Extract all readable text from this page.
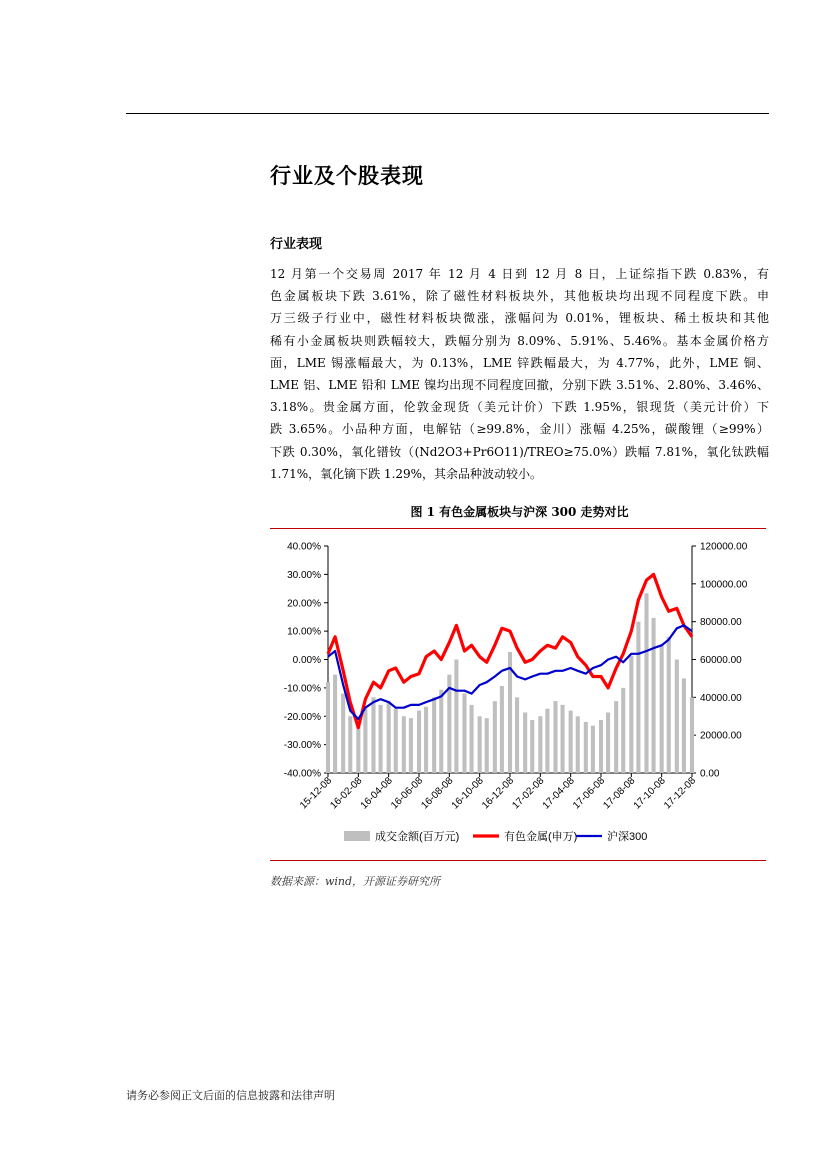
行业及个股表现
行业表现

12 月第一个交易周 2017 年 12 月 4 日到 12 月 8 日，上证综指下跌 0.83%，有
色金属板块下跌 3.61%，除了磁性材料板块外，其他板块均出现不同程度下跌。申
万三级子行业中，磁性材料板块微涨，涨幅问为 0.01%，锂板块、稀土板块和其他
稀有小金属板块则跌幅较大，跌幅分别为 8.09%、5.91%、5.46%。基本金属价格方
面，LME 锡涨幅最大，为 0.13%，LME 锌跌幅最大，为 4.77%，此外，LME 铜、
LME 铝、LME 铅和 LME 镍均出现不同程度回撤，分别下跌 3.51%、2.80%、3.46%、
3.18%。贵金属方面，伦敦金现货（美元计价）下跌 1.95%，银现货（美元计价）下
跌 3.65%。小品种方面，电解钴（≥99.8%，金川）涨幅 4.25%，碳酸锂（≥99%）
下跌 0.30%，氧化镨钕（(Nd2O3+Pr6O11)/TREO≥75.0%）跌幅 7.81%，氧化钛跌幅
1.71%，氧化镝下跌 1.29%，其余品种波动较小。

图 1 有色金属板块与沪深 300 走势对比

40.00%
30.00%
20.00%
10.00%
0.00%
-10.00%
-20.00%
-30.00%
-40.00%
120000.00
100000.00
80000.00
60000.00
40000.00
20000.00
0.00
15-12-08
16-02-08
16-04-08
16-06-08
16-08-08
16-10-08
16-12-08
17-02-08
17-04-08
17-06-08
17-08-08
17-10-08
17-12-08
成交金额(百万元)	有色金属(申万)	沪深300

数据来源：wind，开源证券研究所

请务必参阅正文后面的信息披露和法律声明
